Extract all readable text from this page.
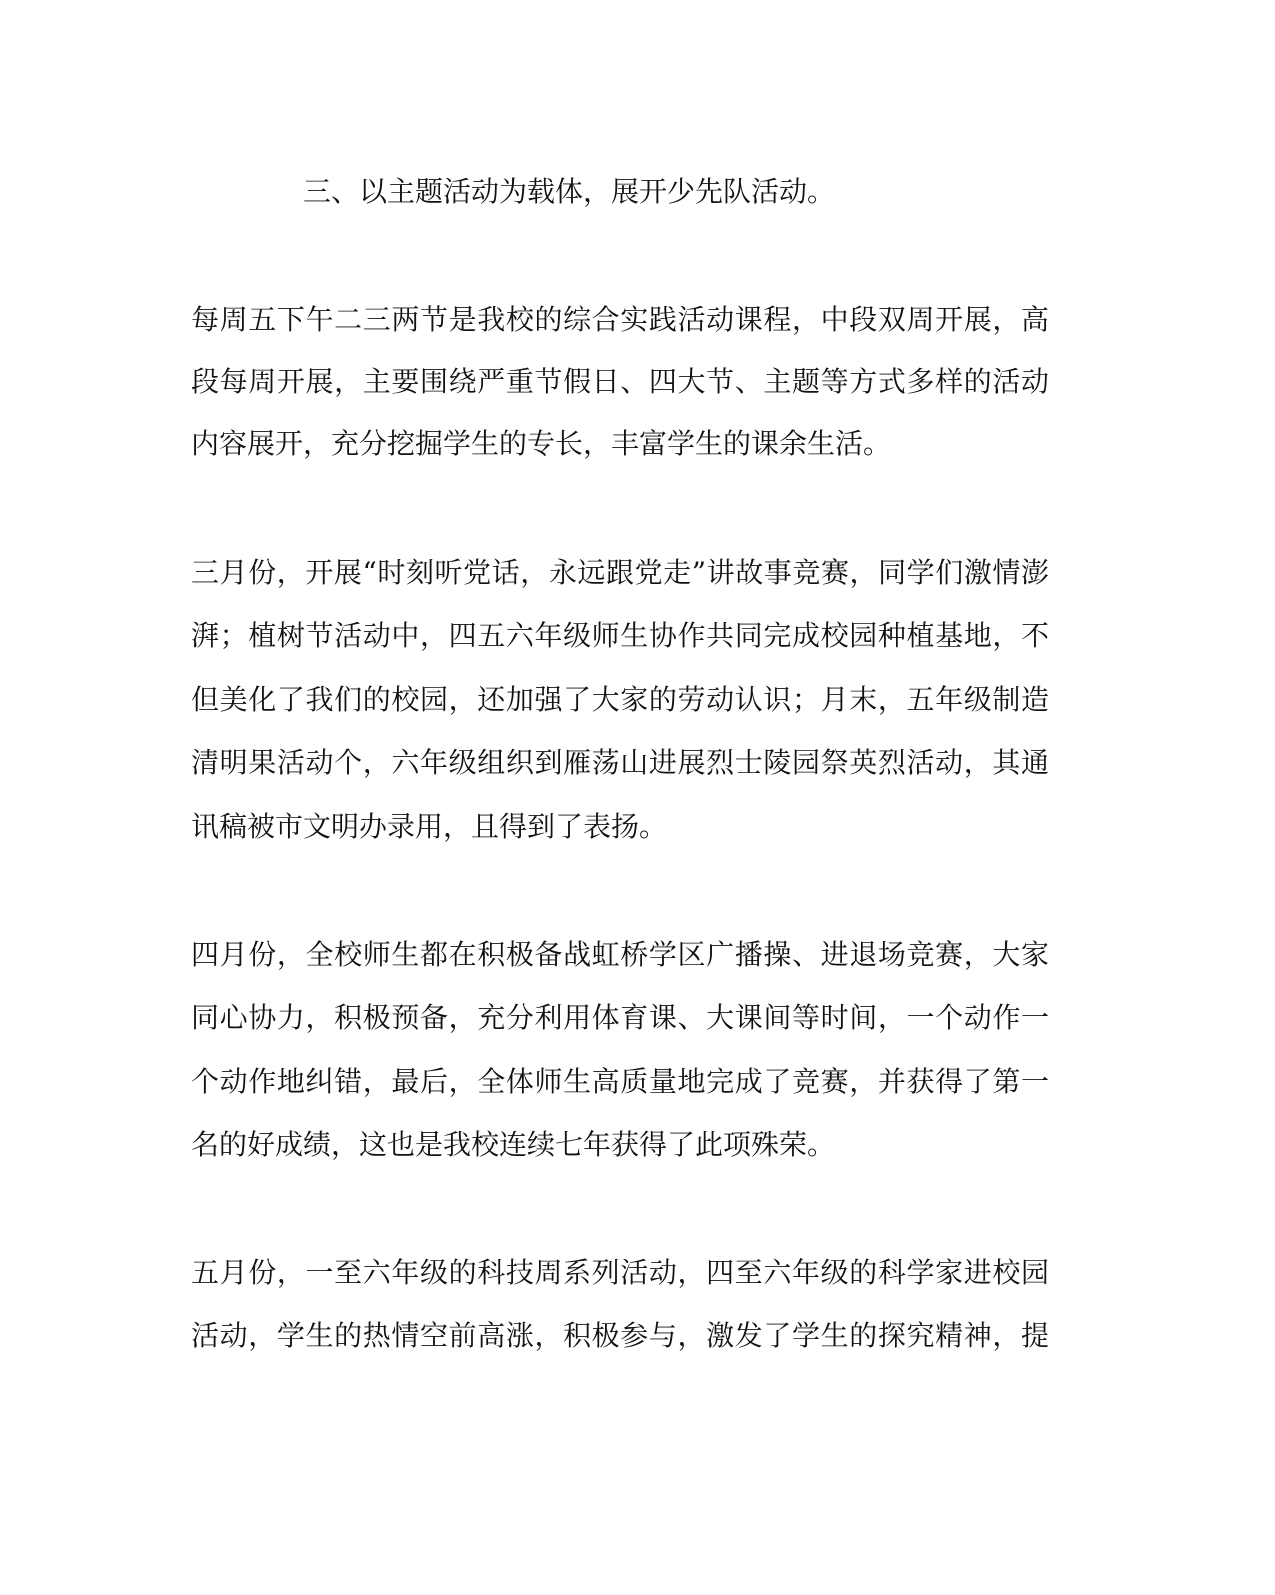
三、以主题活动为载体，展开少先队活动。

每周五下午二三两节是我校的综合实践活动课程，中段双周开展，高

段每周开展，主要围绕严重节假日、四大节、主题等方式多样的活动

内容展开，充分挖掘学生的专长，丰富学生的课余生活。

三月份，开展“时刻听党话，永远跟党走”讲故事竞赛，同学们激情澎

湃；植树节活动中，四五六年级师生协作共同完成校园种植基地，不

但美化了我们的校园，还加强了大家的劳动认识；月末，五年级制造

清明果活动个，六年级组织到雁荡山进展烈士陵园祭英烈活动，其通

讯稿被市文明办录用，且得到了表扬。

四月份，全校师生都在积极备战虹桥学区广播操、进退场竞赛，大家

同心协力，积极预备，充分利用体育课、大课间等时间，一个动作一

个动作地纠错，最后，全体师生高质量地完成了竞赛，并获得了第一

名的好成绩，这也是我校连续七年获得了此项殊荣。

五月份，一至六年级的科技周系列活动，四至六年级的科学家进校园

活动，学生的热情空前高涨，积极参与，激发了学生的探究精神，提
